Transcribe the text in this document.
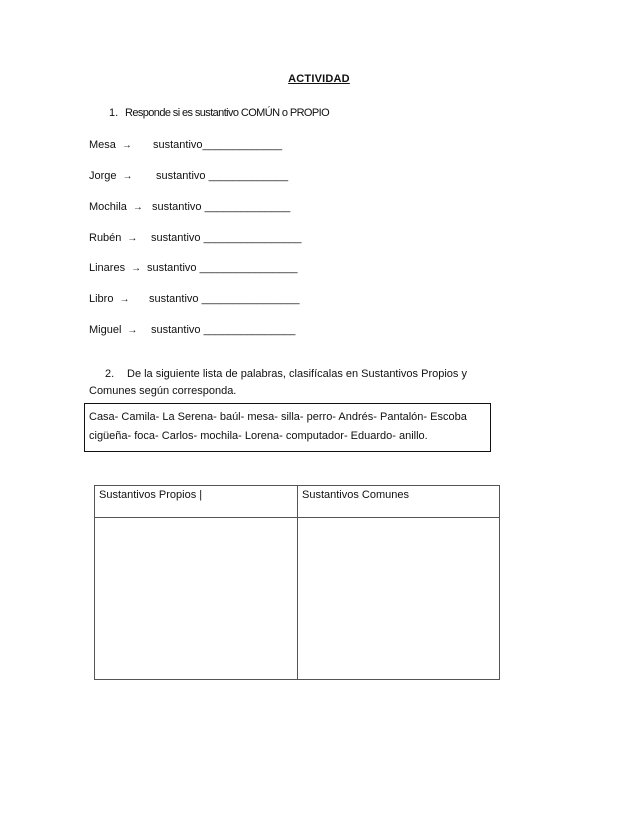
ACTIVIDAD
1. Responde si es sustantivo COMÚN o PROPIO
Mesa → sustantivo_____________
Jorge → sustantivo _____________
Mochila → sustantivo ______________
Rubén → sustantivo ________________
Linares → sustantivo ________________
Libro → sustantivo ________________
Miguel → sustantivo _______________
2. De la siguiente lista de palabras, clasifícalas en Sustantivos Propios y Comunes según corresponda.
Casa- Camila- La Serena- baúl- mesa- silla- perro- Andrés- Pantalón- Escoba cigüeña- foca- Carlos- mochila- Lorena- computador- Eduardo- anillo.
Sustantivos Propios |	Sustantivos Comunes
